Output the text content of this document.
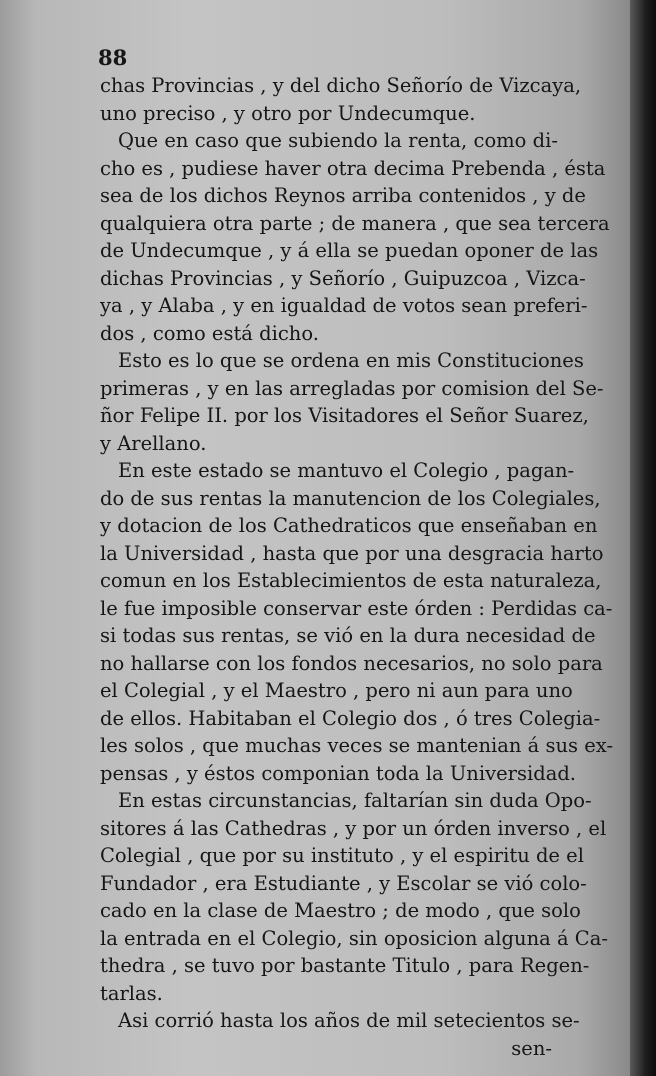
88
chas Provincias , y del dicho Señorío de Vizcaya,
uno preciso , y otro por Undecumque.
Que en caso que subiendo la renta, como di-
cho es , pudiese haver otra decima Prebenda , ésta
sea de los dichos Reynos arriba contenidos , y de
qualquiera otra parte ; de manera , que sea tercera
de Undecumque , y á ella se puedan oponer de las
dichas Provincias , y Señorío , Guipuzcoa , Vizca-
ya , y Alaba , y en igualdad de votos sean preferi-
dos , como está dicho.
Esto es lo que se ordena en mis Constituciones
primeras , y en las arregladas por comision del Se-
ñor Felipe II. por los Visitadores el Señor Suarez,
y Arellano.
En este estado se mantuvo el Colegio , pagan-
do de sus rentas la manutencion de los Colegiales,
y dotacion de los Cathedraticos que enseñaban en
la Universidad , hasta que por una desgracia harto
comun en los Establecimientos de esta naturaleza,
le fue imposible conservar este órden : Perdidas ca-
si todas sus rentas, se vió en la dura necesidad de
no hallarse con los fondos necesarios, no solo para
el Colegial , y el Maestro , pero ni aun para uno
de ellos. Habitaban el Colegio dos , ó tres Colegia-
les solos , que muchas veces se mantenian á sus ex-
pensas , y éstos componian toda la Universidad.
En estas circunstancias, faltarían sin duda Opo-
sitores á las Cathedras , y por un órden inverso , el
Colegial , que por su instituto , y el espiritu de el
Fundador , era Estudiante , y Escolar se vió colo-
cado en la clase de Maestro ; de modo , que solo
la entrada en el Colegio, sin oposicion alguna á Ca-
thedra , se tuvo por bastante Titulo , para Regen-
tarlas.
Asi corrió hasta los años de mil setecientos se-
sen-
